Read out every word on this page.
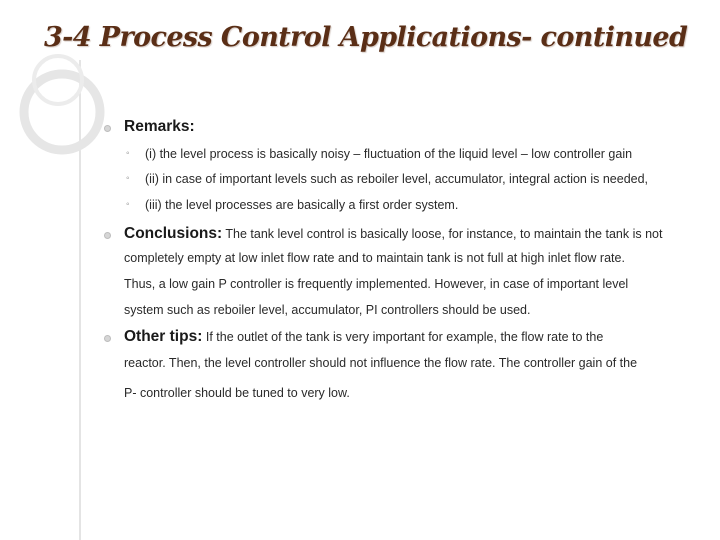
3-4 Process Control Applications- continued
Remarks:
◦ (i) the level process is basically noisy – fluctuation of the liquid level – low controller gain
◦ (ii) in case of important levels such as reboiler level, accumulator, integral action is needed,
◦ (iii) the level processes are basically a first order system.
Conclusions: The tank level control is basically loose, for instance, to maintain the tank is not
completely empty at low inlet flow rate and to maintain tank is not full at high inlet flow rate.
Thus, a low gain P controller is frequently implemented. However, in case of important level
system such as reboiler level, accumulator, PI controllers should be used.
Other tips: If the outlet of the tank is very important for example, the flow rate to the
reactor. Then, the level controller should not influence the flow rate. The controller gain of the
P- controller should be tuned to very low.
